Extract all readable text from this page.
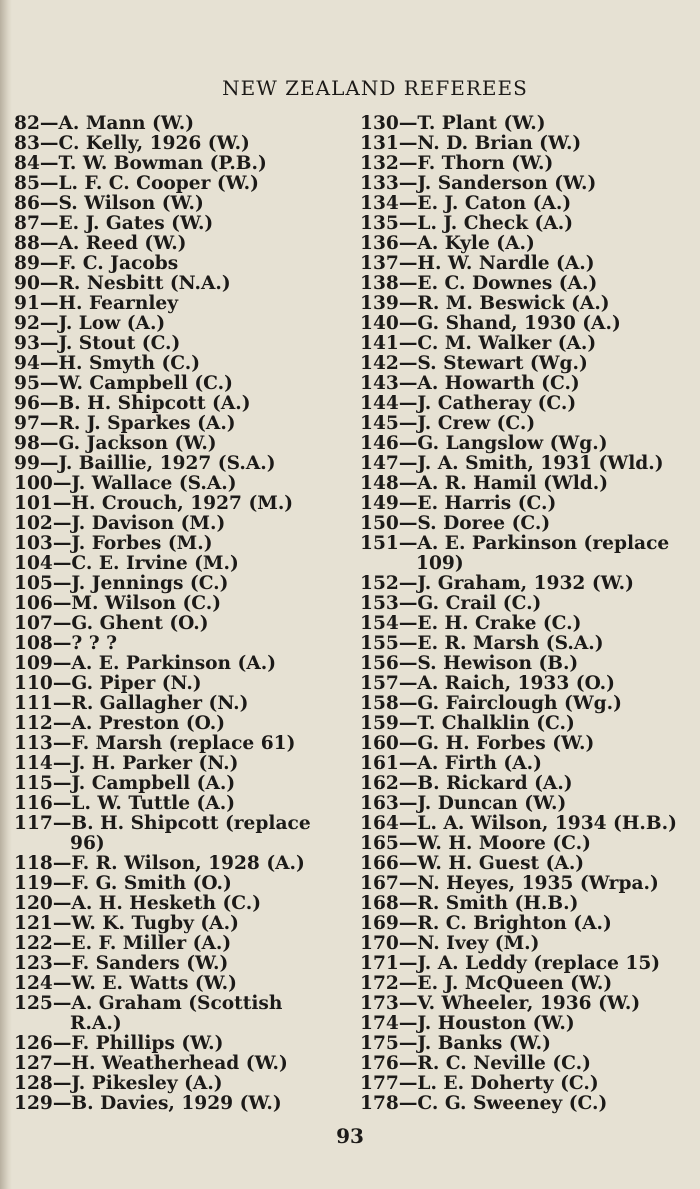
NEW ZEALAND REFEREES
82—A. Mann (W.)
83—C. Kelly, 1926 (W.)
84—T. W. Bowman (P.B.)
85—L. F. C. Cooper (W.)
86—S. Wilson (W.)
87—E. J. Gates (W.)
88—A. Reed (W.)
89—F. C. Jacobs
90—R. Nesbitt (N.A.)
91—H. Fearnley
92—J. Low (A.)
93—J. Stout (C.)
94—H. Smyth (C.)
95—W. Campbell (C.)
96—B. H. Shipcott (A.)
97—R. J. Sparkes (A.)
98—G. Jackson (W.)
99—J. Baillie, 1927 (S.A.)
100—J. Wallace (S.A.)
101—H. Crouch, 1927 (M.)
102—J. Davison (M.)
103—J. Forbes (M.)
104—C. E. Irvine (M.)
105—J. Jennings (C.)
106—M. Wilson (C.)
107—G. Ghent (O.)
108—? ? ?
109—A. E. Parkinson (A.)
110—G. Piper (N.)
111—R. Gallagher (N.)
112—A. Preston (O.)
113—F. Marsh (replace 61)
114—J. H. Parker (N.)
115—J. Campbell (A.)
116—L. W. Tuttle (A.)
117—B. H. Shipcott (replace
96)
118—F. R. Wilson, 1928 (A.)
119—F. G. Smith (O.)
120—A. H. Hesketh (C.)
121—W. K. Tugby (A.)
122—E. F. Miller (A.)
123—F. Sanders (W.)
124—W. E. Watts (W.)
125—A. Graham (Scottish
R.A.)
126—F. Phillips (W.)
127—H. Weatherhead (W.)
128—J. Pikesley (A.)
129—B. Davies, 1929 (W.)
130—T. Plant (W.)
131—N. D. Brian (W.)
132—F. Thorn (W.)
133—J. Sanderson (W.)
134—E. J. Caton (A.)
135—L. J. Check (A.)
136—A. Kyle (A.)
137—H. W. Nardle (A.)
138—E. C. Downes (A.)
139—R. M. Beswick (A.)
140—G. Shand, 1930 (A.)
141—C. M. Walker (A.)
142—S. Stewart (Wg.)
143—A. Howarth (C.)
144—J. Catheray (C.)
145—J. Crew (C.)
146—G. Langslow (Wg.)
147—J. A. Smith, 1931 (Wld.)
148—A. R. Hamil (Wld.)
149—E. Harris (C.)
150—S. Doree (C.)
151—A. E. Parkinson (replace
109)
152—J. Graham, 1932 (W.)
153—G. Crail (C.)
154—E. H. Crake (C.)
155—E. R. Marsh (S.A.)
156—S. Hewison (B.)
157—A. Raich, 1933 (O.)
158—G. Fairclough (Wg.)
159—T. Chalklin (C.)
160—G. H. Forbes (W.)
161—A. Firth (A.)
162—B. Rickard (A.)
163—J. Duncan (W.)
164—L. A. Wilson, 1934 (H.B.)
165—W. H. Moore (C.)
166—W. H. Guest (A.)
167—N. Heyes, 1935 (Wrpa.)
168—R. Smith (H.B.)
169—R. C. Brighton (A.)
170—N. Ivey (M.)
171—J. A. Leddy (replace 15)
172—E. J. McQueen (W.)
173—V. Wheeler, 1936 (W.)
174—J. Houston (W.)
175—J. Banks (W.)
176—R. C. Neville (C.)
177—L. E. Doherty (C.)
178—C. G. Sweeney (C.)
93
